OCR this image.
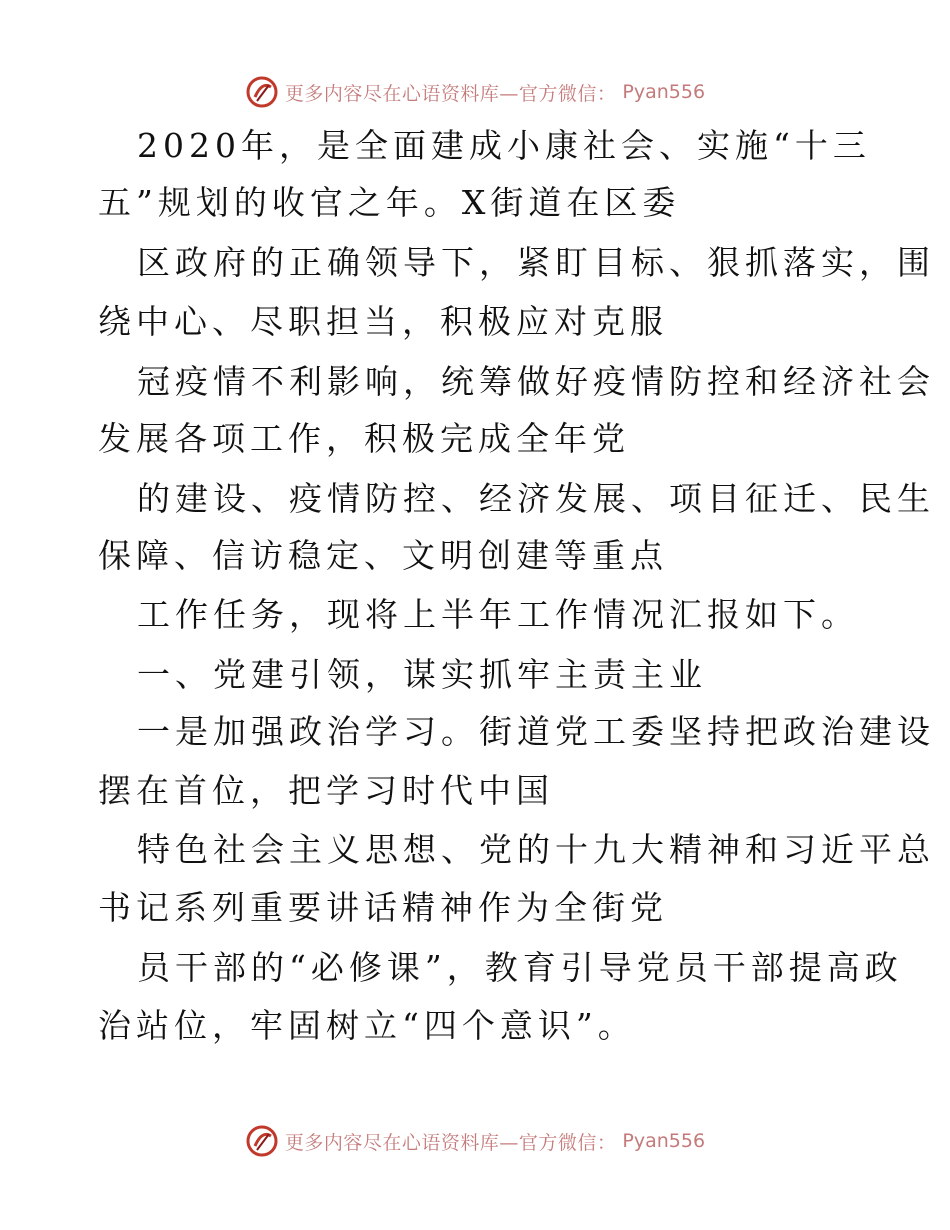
更多内容尽在心语资料库—官方微信： Pyan556
2020年，是全面建成小康社会、实施“十三
五”规划的收官之年。X街道在区委
区政府的正确领导下，紧盯目标、狠抓落实，围
绕中心、尽职担当，积极应对克服
冠疫情不利影响，统筹做好疫情防控和经济社会
发展各项工作，积极完成全年党
的建设、疫情防控、经济发展、项目征迁、民生
保障、信访稳定、文明创建等重点
工作任务，现将上半年工作情况汇报如下。
一、党建引领，谋实抓牢主责主业
一是加强政治学习。街道党工委坚持把政治建设
摆在首位，把学习时代中国
特色社会主义思想、党的十九大精神和习近平总
书记系列重要讲话精神作为全街党
员干部的“必修课”，教育引导党员干部提高政
治站位，牢固树立“四个意识”。
更多内容尽在心语资料库—官方微信： Pyan556
